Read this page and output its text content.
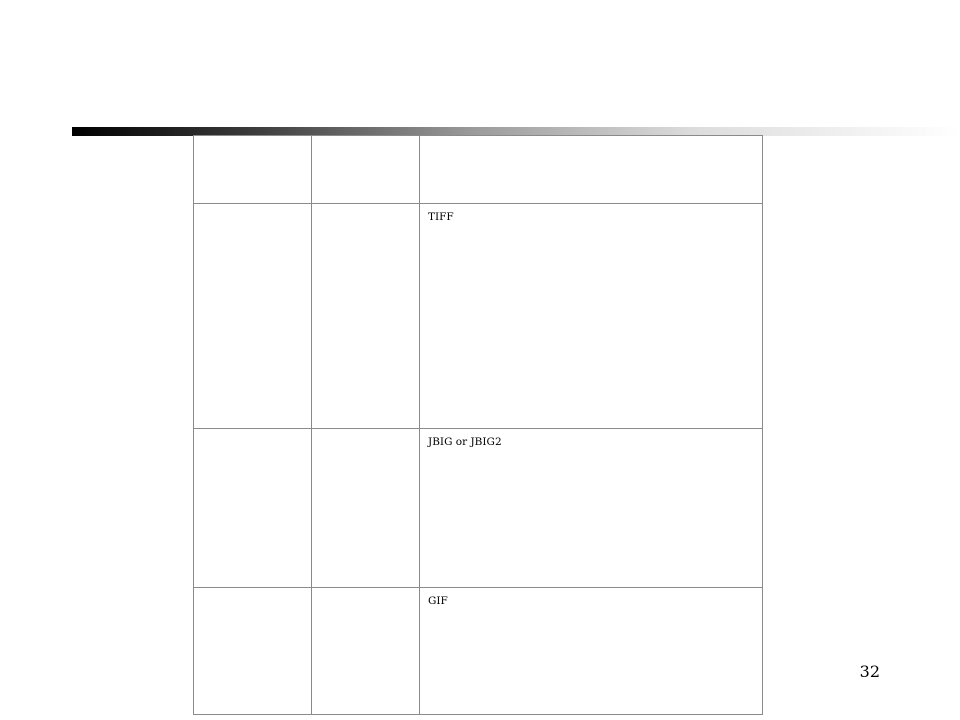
		TIFF

		JBIG or JBIG2

		GIF
32
